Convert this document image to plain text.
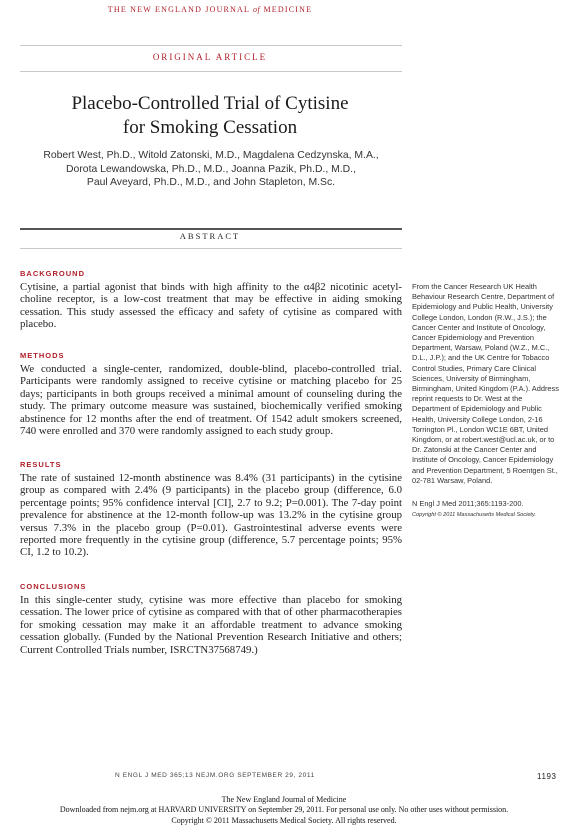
THE NEW ENGLAND JOURNAL of MEDICINE
ORIGINAL ARTICLE
Placebo-Controlled Trial of Cytisine
for Smoking Cessation
Robert West, Ph.D., Witold Zatonski, M.D., Magdalena Cedzynska, M.A.,
Dorota Lewandowska, Ph.D., M.D., Joanna Pazik, Ph.D., M.D.,
Paul Aveyard, Ph.D., M.D., and John Stapleton, M.Sc.
ABSTRACT
BACKGROUND
Cytisine, a partial agonist that binds with high affinity to the α4β2 nicotinic acetyl-choline receptor, is a low-cost treatment that may be effective in aiding smoking cessation. This study assessed the efficacy and safety of cytisine as compared with placebo.
METHODS
We conducted a single-center, randomized, double-blind, placebo-controlled trial. Participants were randomly assigned to receive cytisine or matching placebo for 25 days; participants in both groups received a minimal amount of counseling during the study. The primary outcome measure was sustained, biochemically verified smoking abstinence for 12 months after the end of treatment. Of 1542 adult smokers screened, 740 were enrolled and 370 were randomly assigned to each study group.
RESULTS
The rate of sustained 12-month abstinence was 8.4% (31 participants) in the cytisine group as compared with 2.4% (9 participants) in the placebo group (difference, 6.0 percentage points; 95% confidence interval [CI], 2.7 to 9.2; P=0.001). The 7-day point prevalence for abstinence at the 12-month follow-up was 13.2% in the cytisine group versus 7.3% in the placebo group (P=0.01). Gastrointestinal adverse events were reported more frequently in the cytisine group (difference, 5.7 percentage points; 95% CI, 1.2 to 10.2).
CONCLUSIONS
In this single-center study, cytisine was more effective than placebo for smoking cessation. The lower price of cytisine as compared with that of other pharmacotherapies for smoking cessation may make it an affordable treatment to advance smoking cessation globally. (Funded by the National Prevention Research Initiative and others; Current Controlled Trials number, ISRCTN37568749.)
From the Cancer Research UK Health Behaviour Research Centre, Department of Epidemiology and Public Health, University College London, London (R.W., J.S.); the Cancer Center and Institute of Oncology, Cancer Epidemiology and Prevention Department, Warsaw, Poland (W.Z., M.C., D.L., J.P.); and the UK Centre for Tobacco Control Studies, Primary Care Clinical Sciences, University of Birmingham, Birmingham, United Kingdom (P.A.). Address reprint requests to Dr. West at the Department of Epidemiology and Public Health, University College London, 2-16 Torrington Pl., London WC1E 6BT, United Kingdom, or at robert.west@ucl.ac.uk, or to Dr. Zatonski at the Cancer Center and Institute of Oncology, Cancer Epidemiology and Prevention Department, 5 Roentgen St., 02-781 Warsaw, Poland.
N Engl J Med 2011;365:1193-200.
Copyright © 2011 Massachusetts Medical Society.
N ENGL J MED 365;13 NEJM.ORG SEPTEMBER 29, 2011	1193
The New England Journal of Medicine
Downloaded from nejm.org at HARVARD UNIVERSITY on September 29, 2011. For personal use only. No other uses without permission.
Copyright © 2011 Massachusetts Medical Society. All rights reserved.
